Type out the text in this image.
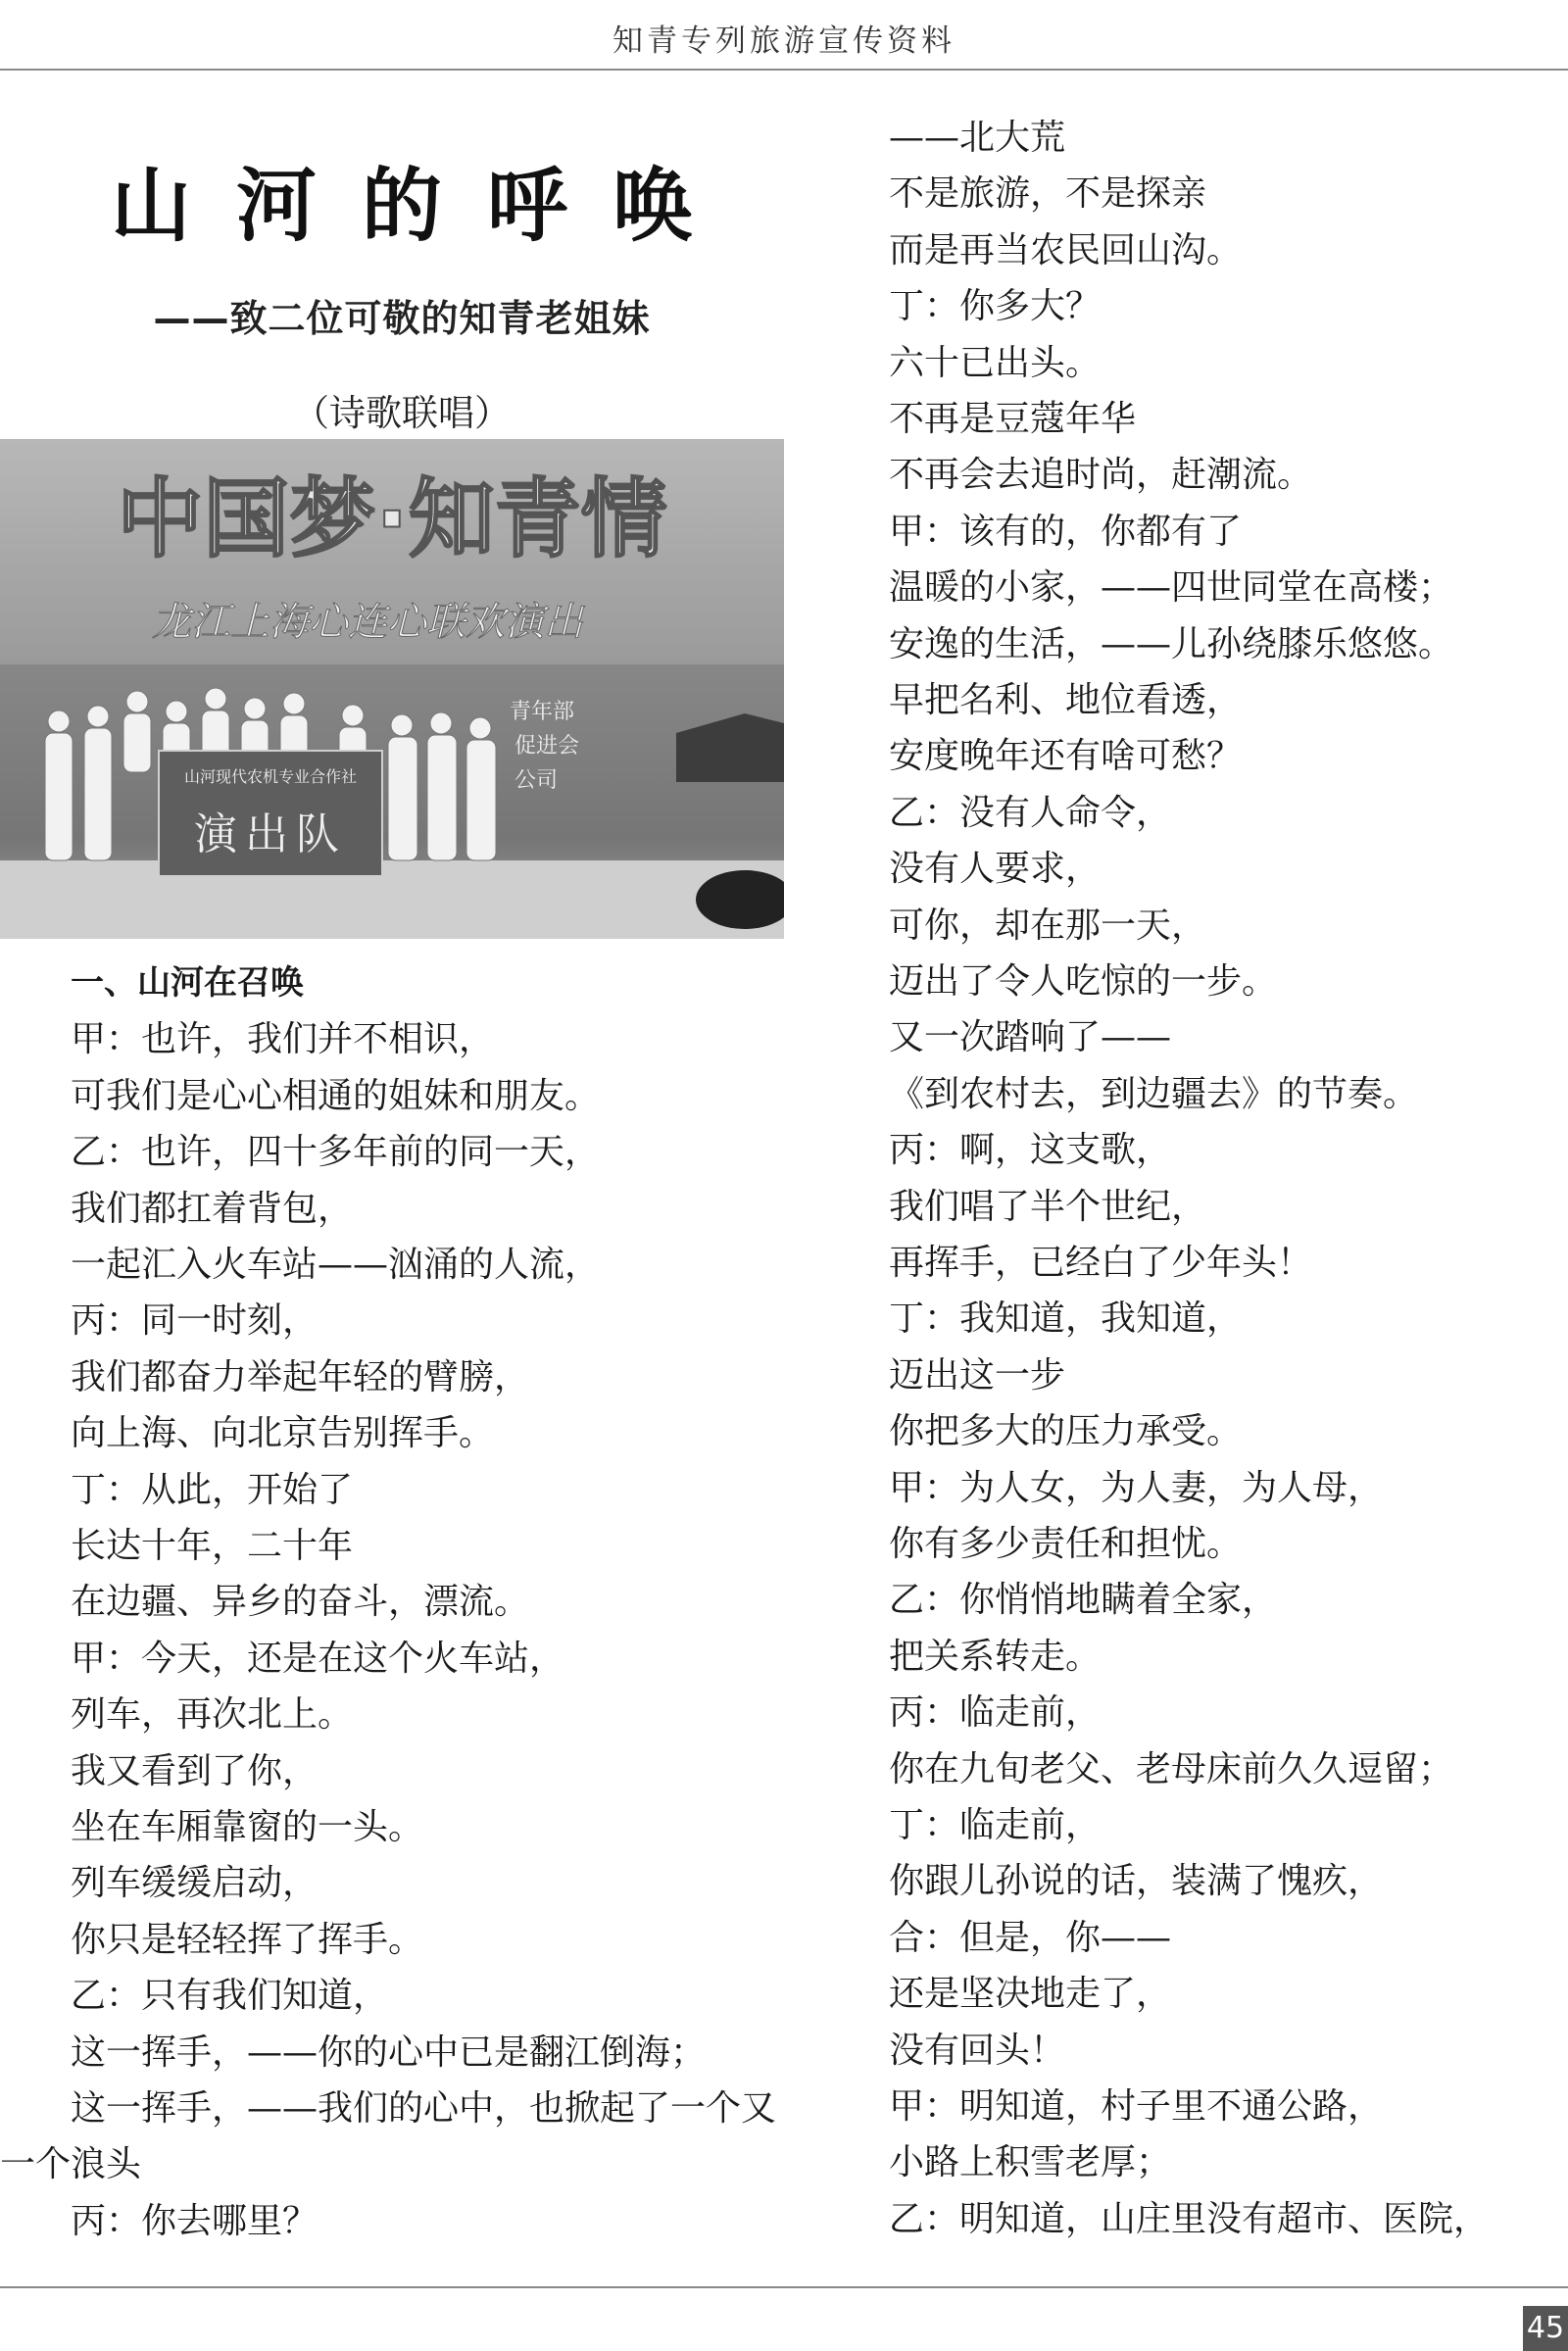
知青专列旅游宣传资料
山河的呼唤
——致二位可敬的知青老姐妹
（诗歌联唱）
中国梦·知青情
龙江上海心连心联欢演出
青年部
促进会
公司
山河现代农机专业合作社
演出队
一、山河在召唤
甲：也许，我们并不相识，
可我们是心心相通的姐妹和朋友。
乙：也许，四十多年前的同一天，
我们都扛着背包，
一起汇入火车站——汹涌的人流，
丙：同一时刻，
我们都奋力举起年轻的臂膀，
向上海、向北京告别挥手。
丁：从此，开始了
长达十年，二十年
在边疆、异乡的奋斗，漂流。
甲：今天，还是在这个火车站，
列车，再次北上。
我又看到了你，
坐在车厢靠窗的一头。
列车缓缓启动，
你只是轻轻挥了挥手。
乙：只有我们知道，
这一挥手，——你的心中已是翻江倒海；
这一挥手，——我们的心中，也掀起了一个又
一个浪头
丙：你去哪里？
——北大荒
不是旅游，不是探亲
而是再当农民回山沟。
丁：你多大？
六十已出头。
不再是豆蔻年华
不再会去追时尚，赶潮流。
甲：该有的，你都有了
温暖的小家，——四世同堂在高楼；
安逸的生活，——儿孙绕膝乐悠悠。
早把名利、地位看透，
安度晚年还有啥可愁？
乙：没有人命令，
没有人要求，
可你，却在那一天，
迈出了令人吃惊的一步。
又一次踏响了——
《到农村去，到边疆去》的节奏。
丙：啊，这支歌，
我们唱了半个世纪，
再挥手，已经白了少年头！
丁：我知道，我知道，
迈出这一步
你把多大的压力承受。
甲：为人女，为人妻，为人母，
你有多少责任和担忧。
乙：你悄悄地瞒着全家，
把关系转走。
丙：临走前，
你在九旬老父、老母床前久久逗留；
丁：临走前，
你跟儿孙说的话，装满了愧疚，
合：但是，你——
还是坚决地走了，
没有回头！
甲：明知道，村子里不通公路，
小路上积雪老厚；
乙：明知道，山庄里没有超市、医院，
45
